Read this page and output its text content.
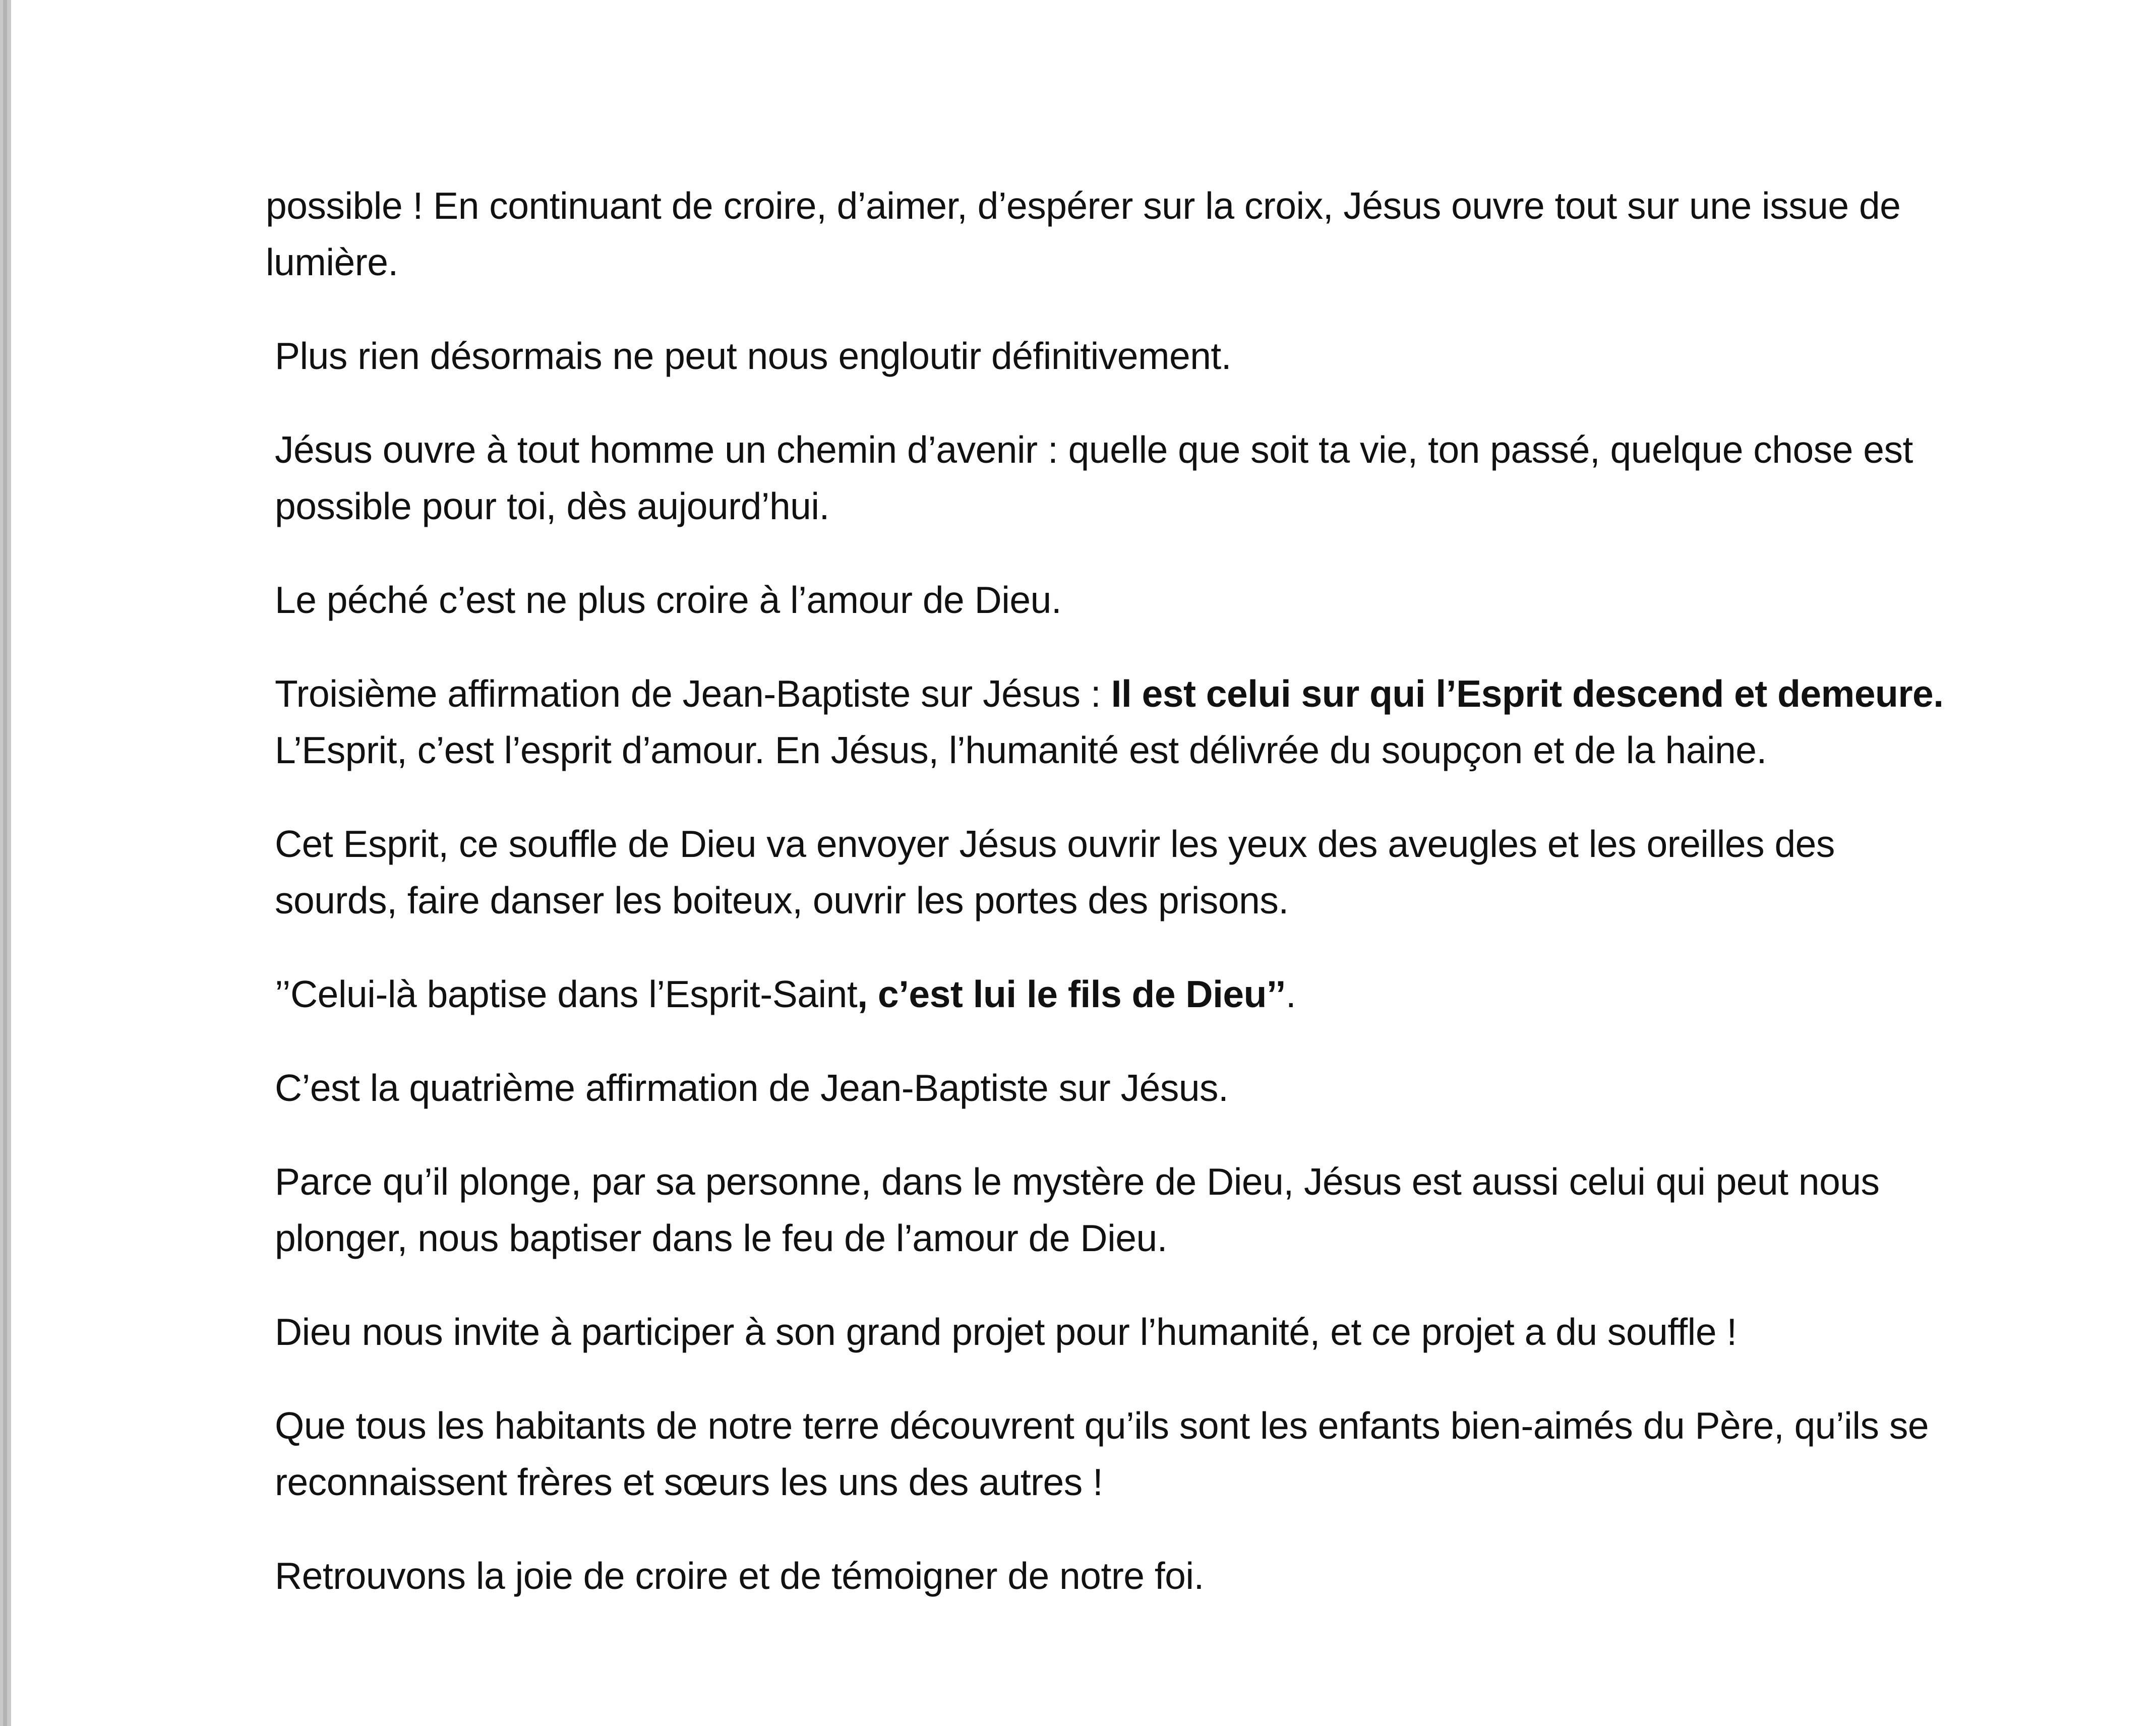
possible ! En continuant de croire, d’aimer, d’espérer sur la croix, Jésus ouvre tout sur une issue de lumière.

Plus rien désormais ne peut nous engloutir définitivement.

Jésus ouvre à tout homme un chemin d’avenir : quelle que soit ta vie, ton passé, quelque chose est possible pour toi, dès aujourd’hui.

Le péché c’est ne plus croire à l’amour de Dieu.

Troisième affirmation de Jean-Baptiste sur Jésus : Il est celui sur qui l’Esprit descend et demeure. L’Esprit, c’est l’esprit d’amour. En Jésus, l’humanité est délivrée du soupçon et de la haine.

Cet Esprit, ce souffle de Dieu va envoyer Jésus ouvrir les yeux des aveugles et les oreilles des sourds, faire danser les boiteux, ouvrir les portes des prisons.

’’Celui-là baptise dans l’Esprit-Saint, c’est lui le fils de Dieu’’.

C’est la quatrième affirmation de Jean-Baptiste sur Jésus.

Parce qu’il plonge, par sa personne, dans le mystère de Dieu, Jésus est aussi celui qui peut nous plonger, nous baptiser dans le feu de l’amour de Dieu.

Dieu nous invite à participer à son grand projet pour l’humanité, et ce projet a du souffle !

Que tous les habitants de notre terre découvrent qu’ils sont les enfants bien-aimés du Père, qu’ils se reconnaissent frères et sœurs les uns des autres !

Retrouvons la joie de croire et de témoigner de notre foi.
